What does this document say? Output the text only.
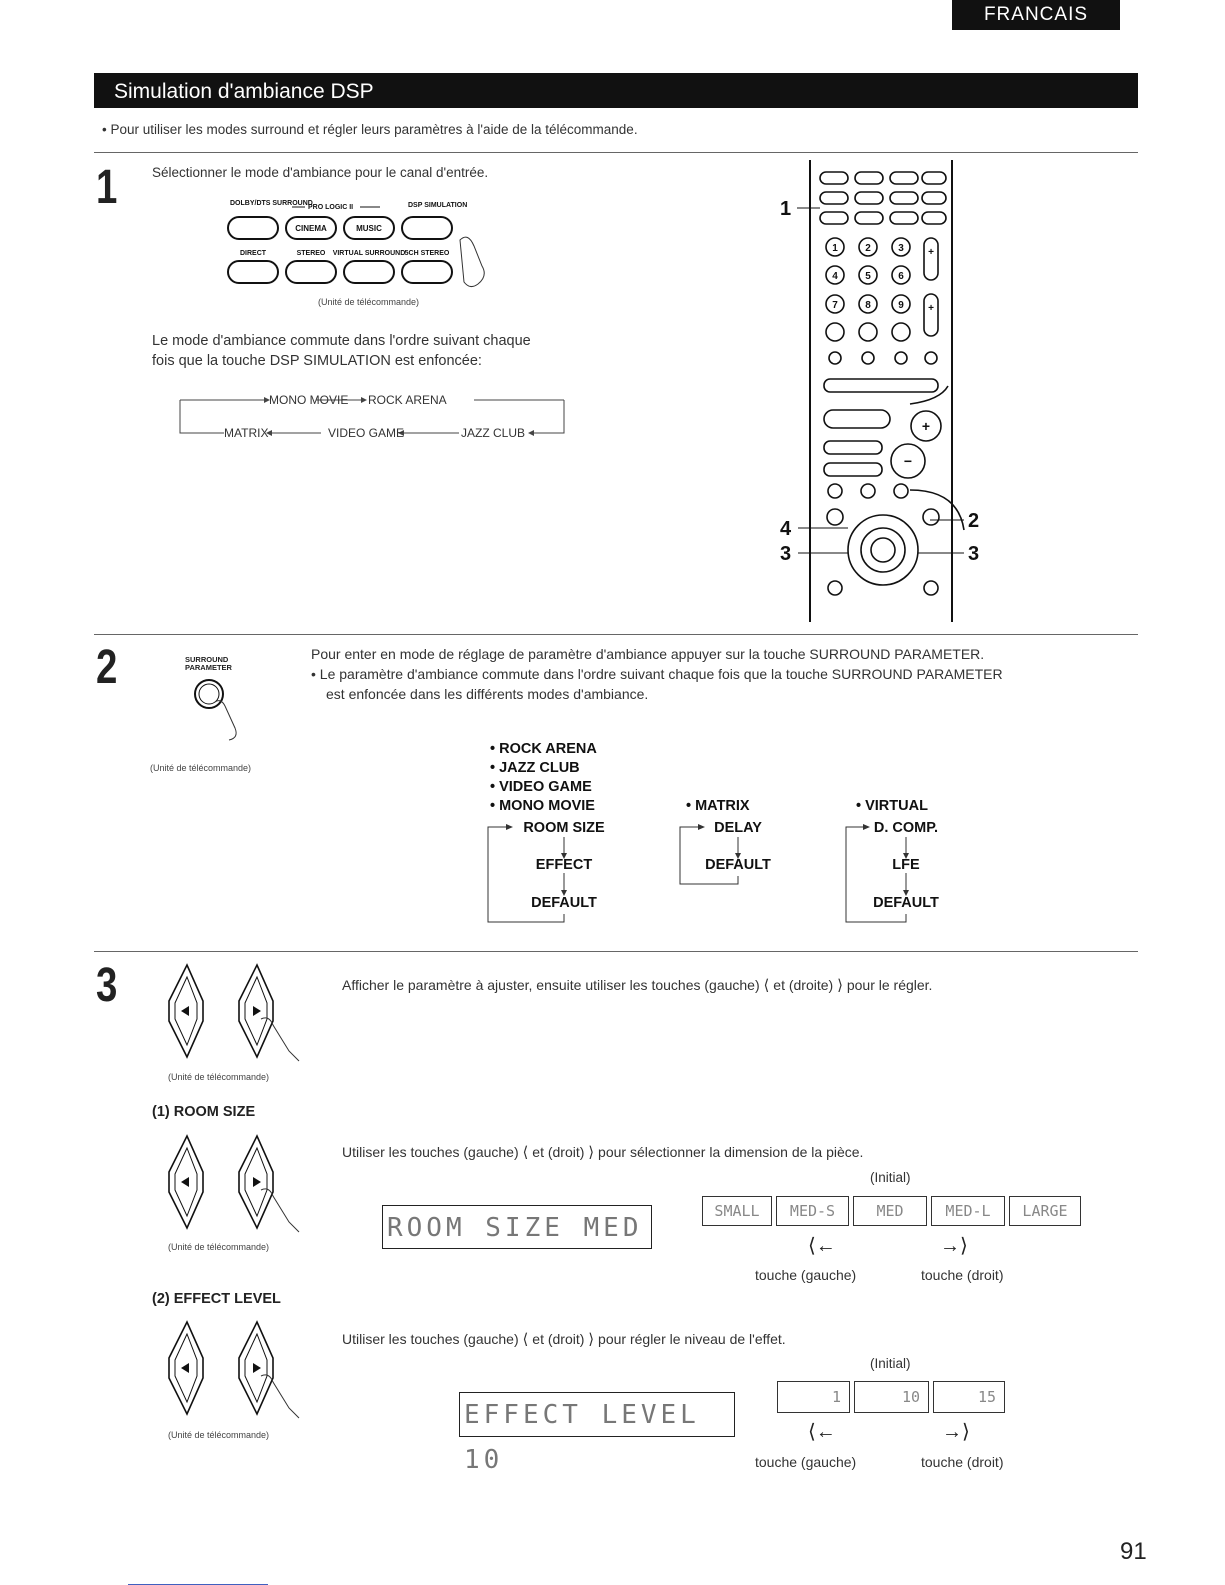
FRANCAIS
Simulation d'ambiance DSP
• Pour utiliser les modes surround et régler leurs paramètres à l'aide de la télécommande.
1	Sélectionner le mode d'ambiance pour le canal d'entrée.
DOLBY/DTS SURROUND
PRO LOGIC II	DSP SIMULATION
CINEMA	MUSIC
DIRECT	STEREO VIRTUAL SURROUND 5CH STEREO
(Unité de télécommande)
Le mode d'ambiance commute dans l'ordre suivant chaque
fois que la touche DSP SIMULATION est enfoncée:
MONO MOVIE ROCK ARENA
MATRIX	VIDEO GAME	JAZZ CLUB
1	2	3
4	5	6
7	8	9
+
+
+
−
1
2
4
3	3
2	SURROUND PARAMETER
(Unité de télécommande)
Pour enter en mode de réglage de paramètre d'ambiance appuyer sur la touche SURROUND PARAMETER.
• Le paramètre d'ambiance commute dans l'ordre suivant chaque fois que la touche SURROUND PARAMETER
est enfoncée dans les différents modes d'ambiance.
• ROCK ARENA
• JAZZ CLUB
• VIDEO GAME
• MONO MOVIE	• MATRIX	• VIRTUAL
ROOM SIZE
EFFECT
DEFAULT
DELAY
DEFAULT
D. COMP.
LFE
DEFAULT
3
(Unité de télécommande)
Afficher le paramètre à ajuster, ensuite utiliser les touches (gauche) ⟨ et (droite) ⟩ pour le régler.
(1) ROOM SIZE
(Unité de télécommande)
Utiliser les touches (gauche) ⟨ et (droit) ⟩ pour sélectionner la dimension de la pièce.
(Initial)
ROOM SIZE MED
SMALL	MED-S	MED	MED-L	LARGE
⟨←	→⟩
touche (gauche)	touche (droit)
(2) EFFECT LEVEL
(Unité de télécommande)
Utiliser les touches (gauche) ⟨ et (droit) ⟩ pour régler le niveau de l'effet.
(Initial)
EFFECT LEVEL 10
1	10	15
⟨←	→⟩
touche (gauche)	touche (droit)
91
